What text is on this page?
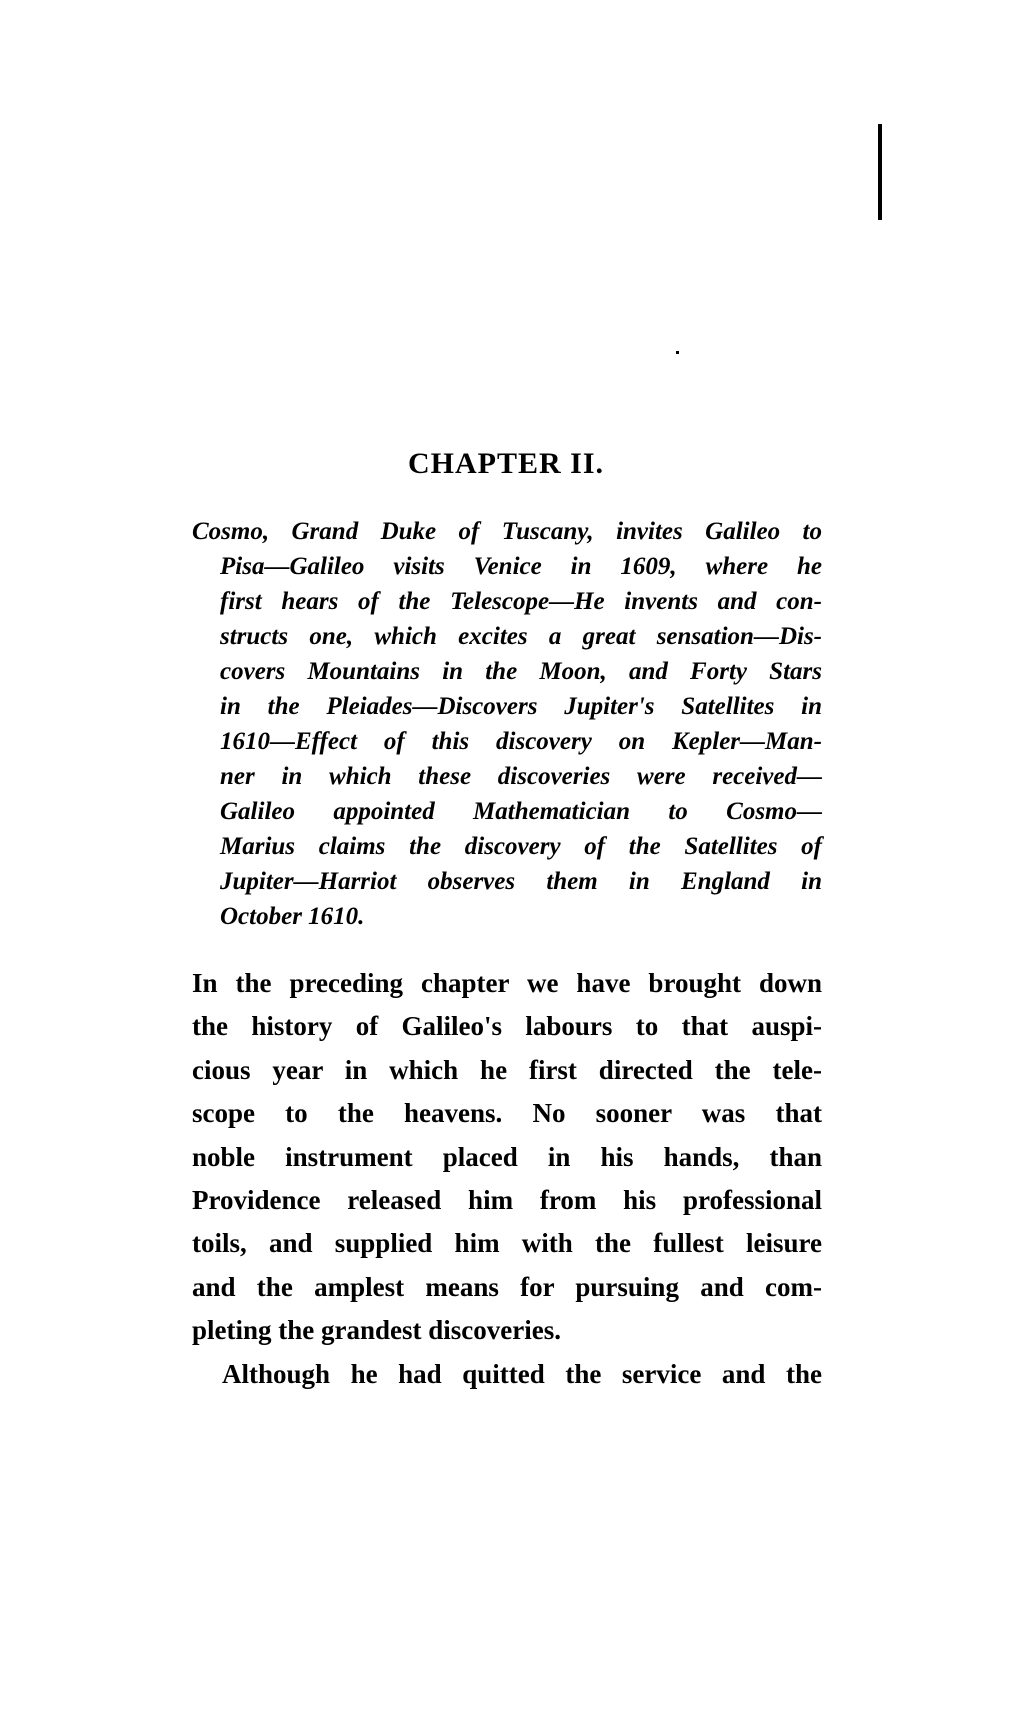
CHAPTER II.
Cosmo, Grand Duke of Tuscany, invites Galileo to
Pisa—Galileo visits Venice in 1609, where he
first hears of the Telescope—He invents and con-
structs one, which excites a great sensation—Dis-
covers Mountains in the Moon, and Forty Stars
in the Pleiades—Discovers Jupiter's Satellites in
1610—Effect of this discovery on Kepler—Man-
ner in which these discoveries were received—
Galileo appointed Mathematician to Cosmo—
Marius claims the discovery of the Satellites of
Jupiter—Harriot observes them in England in
October 1610.
In the preceding chapter we have brought down
the history of Galileo's labours to that auspi-
cious year in which he first directed the tele-
scope to the heavens. No sooner was that
noble instrument placed in his hands, than
Providence released him from his professional
toils, and supplied him with the fullest leisure
and the amplest means for pursuing and com-
pleting the grandest discoveries.
Although he had quitted the service and the
